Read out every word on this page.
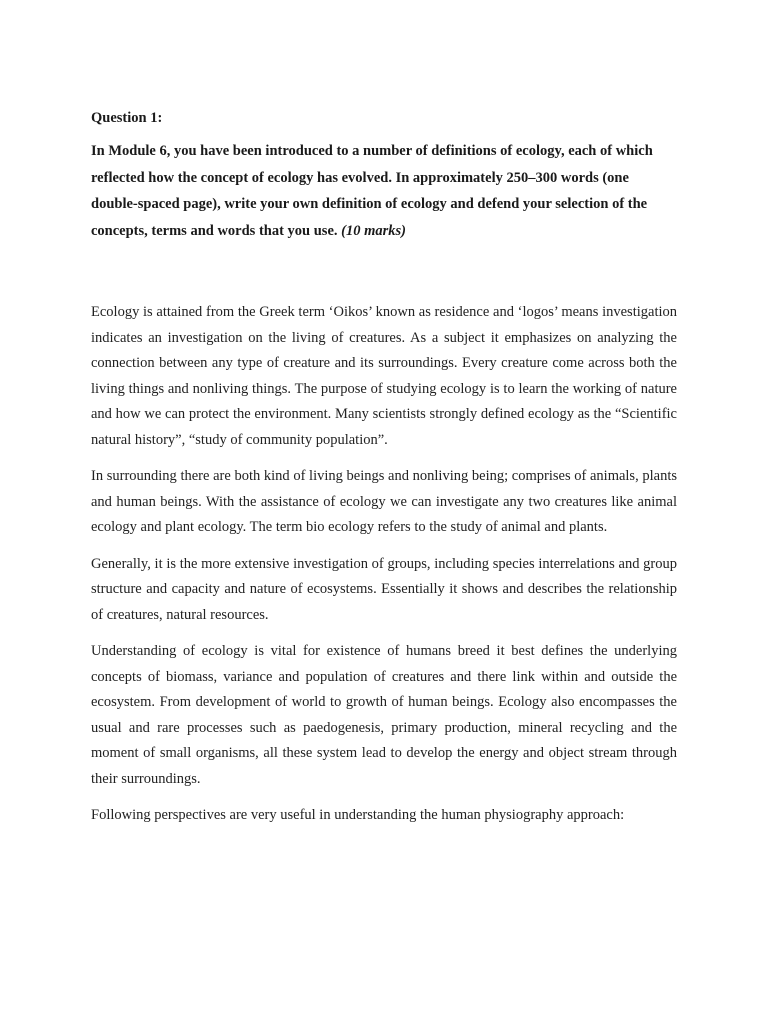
Question 1:

In Module 6, you have been introduced to a number of definitions of ecology, each of which reflected how the concept of ecology has evolved. In approximately 250–300 words (one double-spaced page), write your own definition of ecology and defend your selection of the concepts, terms and words that you use. (10 marks)

Ecology is attained from the Greek term ‘Oikos’ known as residence and ‘logos’ means investigation indicates an investigation on the living of creatures. As a subject it emphasizes on analyzing the connection between any type of creature and its surroundings. Every creature come across both the living things and nonliving things. The purpose of studying ecology is to learn the working of nature and how we can protect the environment. Many scientists strongly defined ecology as the “Scientific natural history”, “study of community population”.

In surrounding there are both kind of living beings and nonliving being; comprises of animals, plants and human beings. With the assistance of ecology we can investigate any two creatures like animal ecology and plant ecology. The term bio ecology refers to the study of animal and plants.

Generally, it is the more extensive investigation of groups, including species interrelations and group structure and capacity and nature of ecosystems. Essentially it shows and describes the relationship of creatures, natural resources.

Understanding of ecology is vital for existence of humans breed it best defines the underlying concepts of biomass, variance and population of creatures and there link within and outside the ecosystem. From development of world to growth of human beings. Ecology also encompasses the usual and rare processes such as paedogenesis, primary production, mineral recycling and the moment of small organisms, all these system lead to develop the energy and object stream through their surroundings.

Following perspectives are very useful in understanding the human physiography approach:
